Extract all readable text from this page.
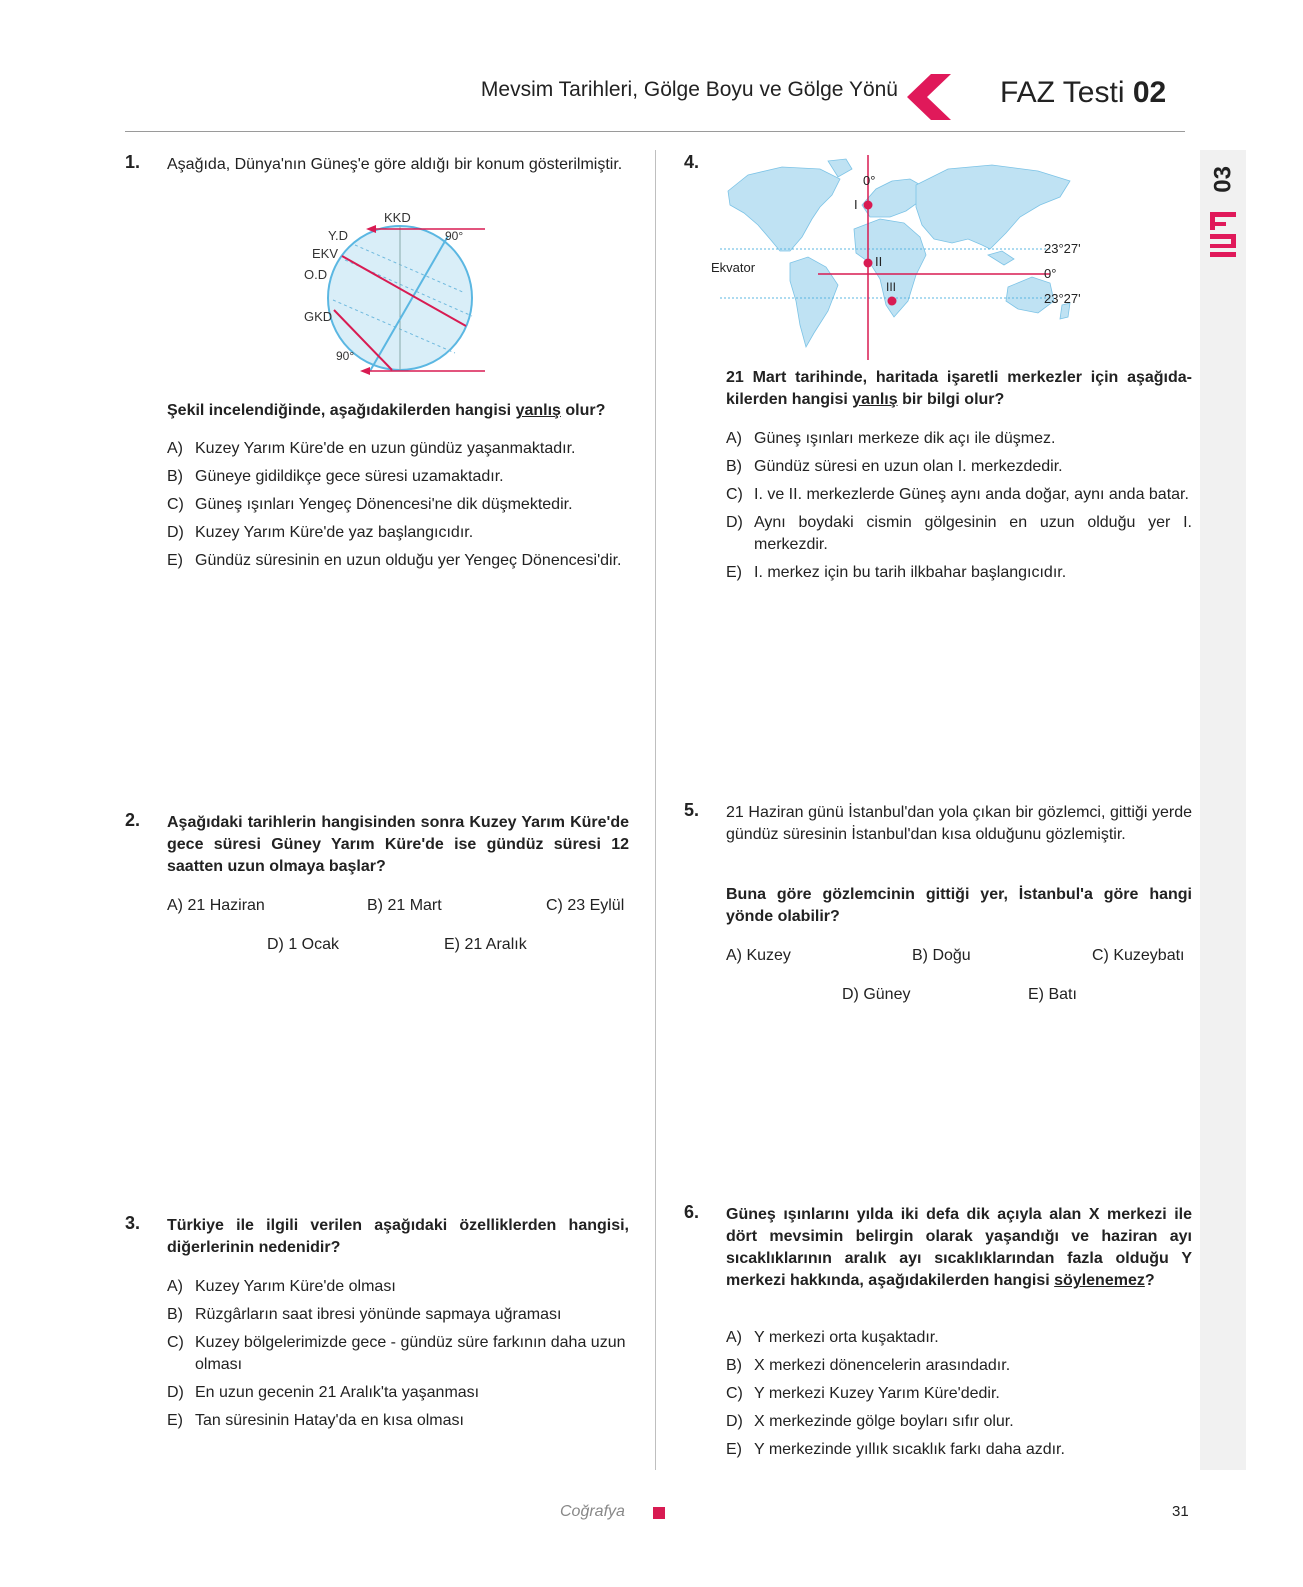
Mevsim Tarihleri, Gölge Boyu ve Gölge Yönü	FAZ Testi 02
03
1. Aşağıda, Dünya'nın Güneş'e göre aldığı bir konum gösterilmiştir.
KKD
Y.D
EKV
O.D
GKD
90°
90°
Şekil incelendiğinde, aşağıdakilerden hangisi yanlış olur?
A) Kuzey Yarım Küre'de en uzun gündüz yaşanmaktadır.
B) Güneye gidildikçe gece süresi uzamaktadır.
C) Güneş ışınları Yengeç Dönencesi'ne dik düşmektedir.
D) Kuzey Yarım Küre'de yaz başlangıcıdır.
E) Gündüz süresinin en uzun olduğu yer Yengeç Dönencesi'dir.
2. Aşağıdaki tarihlerin hangisinden sonra Kuzey Yarım Küre'de gece süresi Güney Yarım Küre'de ise gündüz süresi 12 saatten uzun olmaya başlar?
A) 21 Haziran	B) 21 Mart	C) 23 Eylül
D) 1 Ocak	E) 21 Aralık
3. Türkiye ile ilgili verilen aşağıdaki özelliklerden hangisi, diğerlerinin nedenidir?
A) Kuzey Yarım Küre'de olması
B) Rüzgârların saat ibresi yönünde sapmaya uğraması
C) Kuzey bölgelerimizde gece - gündüz süre farkının daha uzun olması
D) En uzun gecenin 21 Aralık'ta yaşanması
E) Tan süresinin Hatay'da en kısa olması
4.
0°
I
II
III
Ekvator
23°27'
0°
23°27'
21 Mart tarihinde, haritada işaretli merkezler için aşağıdakilerden hangisi yanlış bir bilgi olur?
A) Güneş ışınları merkeze dik açı ile düşmez.
B) Gündüz süresi en uzun olan I. merkezdedir.
C) I. ve II. merkezlerde Güneş aynı anda doğar, aynı anda batar.
D) Aynı boydaki cismin gölgesinin en uzun olduğu yer I. merkezdir.
E) I. merkez için bu tarih ilkbahar başlangıcıdır.
5. 21 Haziran günü İstanbul'dan yola çıkan bir gözlemci, gittiği yerde gündüz süresinin İstanbul'dan kısa olduğunu gözlemiştir.
Buna göre gözlemcinin gittiği yer, İstanbul'a göre hangi yönde olabilir?
A) Kuzey	B) Doğu	C) Kuzeybatı
D) Güney	E) Batı
6. Güneş ışınlarını yılda iki defa dik açıyla alan X merkezi ile dört mevsimin belirgin olarak yaşandığı ve haziran ayı sıcaklıklarının aralık ayı sıcaklıklarından fazla olduğu Y merkezi hakkında, aşağıdakilerden hangisi söylenemez?
A) Y merkezi orta kuşaktadır.
B) X merkezi dönencelerin arasındadır.
C) Y merkezi Kuzey Yarım Küre'dedir.
D) X merkezinde gölge boyları sıfır olur.
E) Y merkezinde yıllık sıcaklık farkı daha azdır.
Coğrafya	31
